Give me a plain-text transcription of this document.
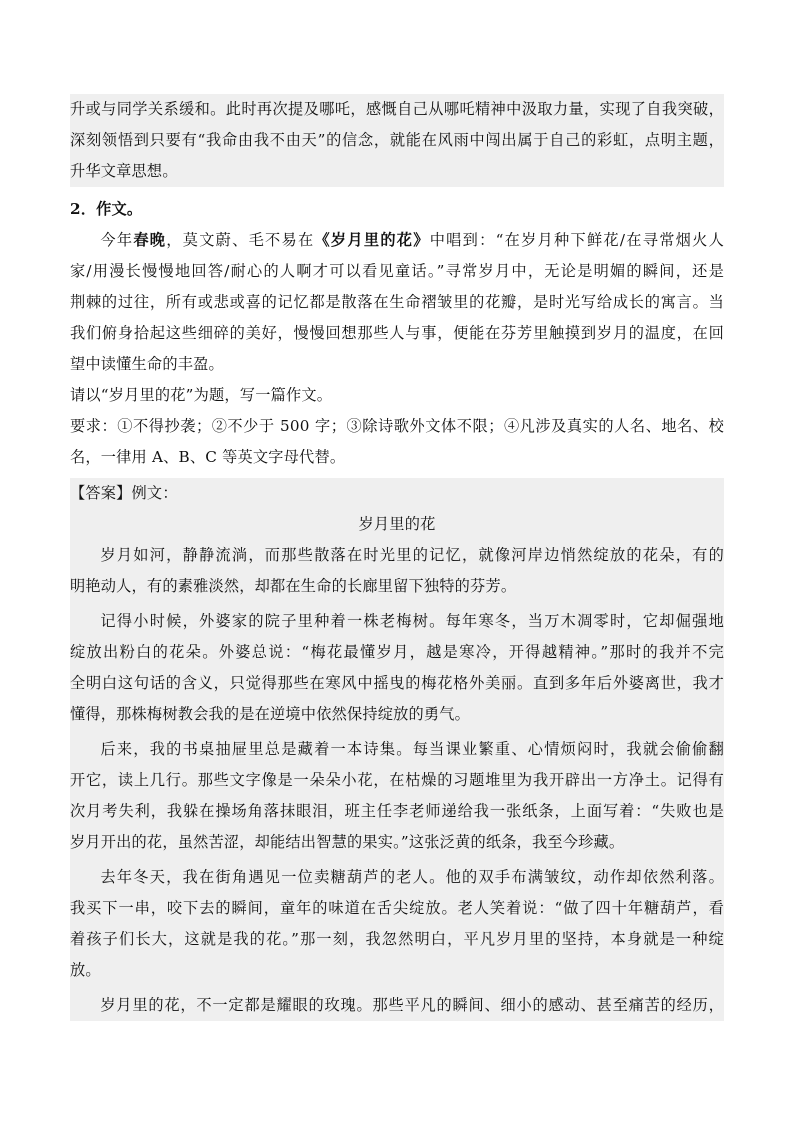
升或与同学关系缓和。此时再次提及哪吒，感慨自己从哪吒精神中汲取力量，实现了自我突破，
深刻领悟到只要有“我命由我不由天”的信念，就能在风雨中闯出属于自己的彩虹，点明主题，
升华文章思想。

2．作文。

今年春晚，莫文蔚、毛不易在《岁月里的花》中唱到：“在岁月种下鲜花/在寻常烟火人
家/用漫长慢慢地回答/耐心的人啊才可以看见童话。”寻常岁月中，无论是明媚的瞬间，还是
荆棘的过往，所有或悲或喜的记忆都是散落在生命褶皱里的花瓣，是时光写给成长的寓言。当
我们俯身拾起这些细碎的美好，慢慢回想那些人与事，便能在芬芳里触摸到岁月的温度，在回
望中读懂生命的丰盈。
请以“岁月里的花”为题，写一篇作文。
要求：①不得抄袭；②不少于 500 字；③除诗歌外文体不限；④凡涉及真实的人名、地名、校
名，一律用 A、B、C 等英文字母代替。
【答案】例文：
岁月里的花
岁月如河，静静流淌，而那些散落在时光里的记忆，就像河岸边悄然绽放的花朵，有的
明艳动人，有的素雅淡然，却都在生命的长廊里留下独特的芬芳。
记得小时候，外婆家的院子里种着一株老梅树。每年寒冬，当万木凋零时，它却倔强地
绽放出粉白的花朵。外婆总说：“梅花最懂岁月，越是寒冷，开得越精神。”那时的我并不完
全明白这句话的含义，只觉得那些在寒风中摇曳的梅花格外美丽。直到多年后外婆离世，我才
懂得，那株梅树教会我的是在逆境中依然保持绽放的勇气。
后来，我的书桌抽屉里总是藏着一本诗集。每当课业繁重、心情烦闷时，我就会偷偷翻
开它，读上几行。那些文字像是一朵朵小花，在枯燥的习题堆里为我开辟出一方净土。记得有
次月考失利，我躲在操场角落抹眼泪，班主任李老师递给我一张纸条，上面写着：“失败也是
岁月开出的花，虽然苦涩，却能结出智慧的果实。”这张泛黄的纸条，我至今珍藏。
去年冬天，我在街角遇见一位卖糖葫芦的老人。他的双手布满皱纹，动作却依然利落。
我买下一串，咬下去的瞬间，童年的味道在舌尖绽放。老人笑着说：“做了四十年糖葫芦，看
着孩子们长大，这就是我的花。”那一刻，我忽然明白，平凡岁月里的坚持，本身就是一种绽
放。
岁月里的花，不一定都是耀眼的玫瑰。那些平凡的瞬间、细小的感动、甚至痛苦的经历，
